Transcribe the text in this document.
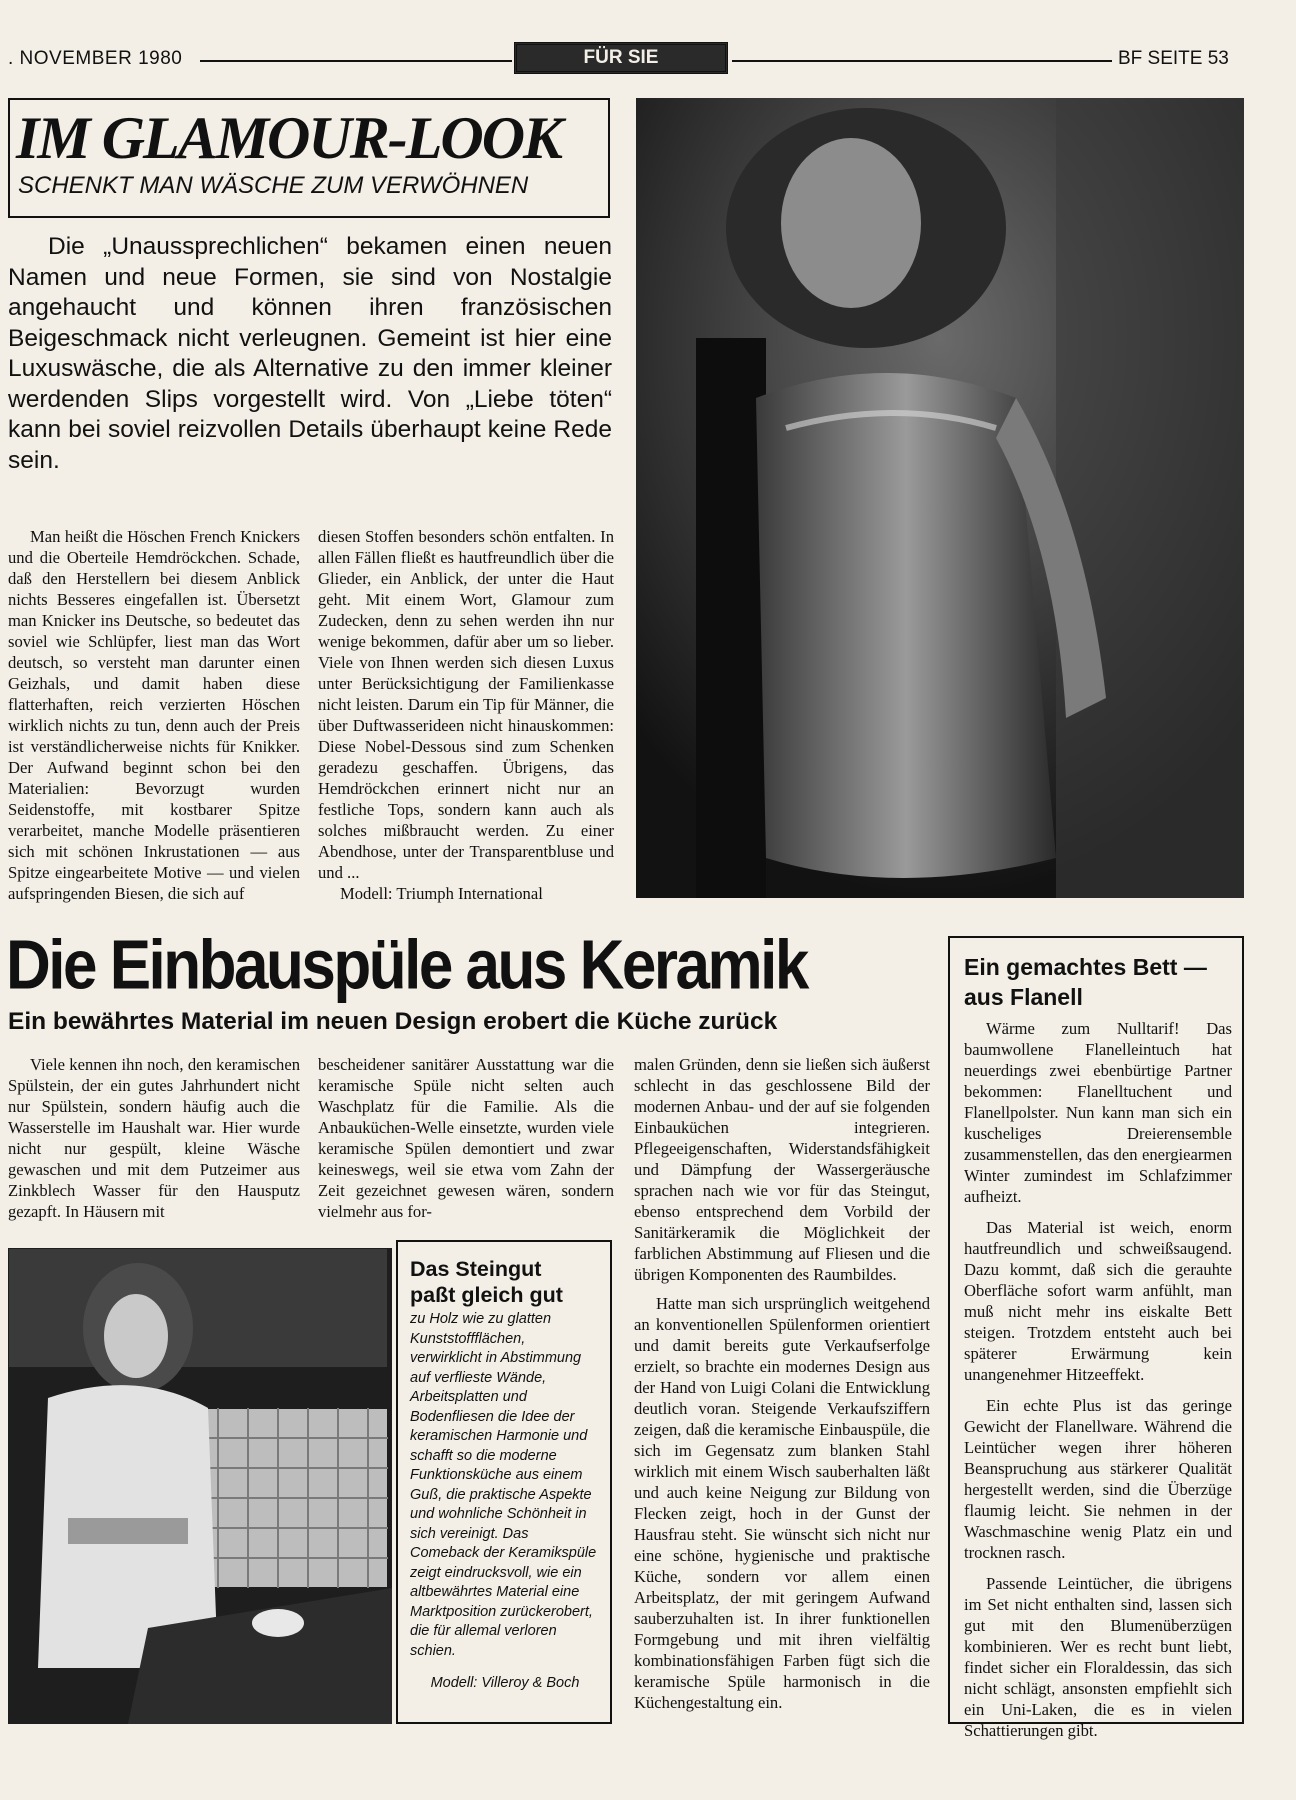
. NOVEMBER 1980	FÜR SIE	BF SEITE 53
IM GLAMOUR-LOOK
SCHENKT MAN WÄSCHE ZUM VERWÖHNEN
Die „Unaussprechlichen“ bekamen einen neuen Namen und neue Formen, sie sind von Nostalgie angehaucht und können ihren französischen Beigeschmack nicht verleugnen. Gemeint ist hier eine Luxuswäsche, die als Alternative zu den immer kleiner werdenden Slips vorgestellt wird. Von „Liebe töten“ kann bei soviel reizvollen Details überhaupt keine Rede sein.

Man heißt die Höschen French Knickers und die Oberteile Hemdröckchen. Schade, daß den Herstellern bei diesem Anblick nichts Besseres eingefallen ist. Übersetzt man Knicker ins Deutsche, so bedeutet das soviel wie Schlüpfer, liest man das Wort deutsch, so versteht man darunter einen Geizhals, und damit haben diese flatterhaften, reich verzierten Höschen wirklich nichts zu tun, denn auch der Preis ist verständlicherweise nichts für Knikker. Der Aufwand beginnt schon bei den Materialien: Bevorzugt wurden Seidenstoffe, mit kostbarer Spitze verarbeitet, manche Modelle präsentieren sich mit schönen Inkrustationen — aus Spitze eingearbeitete Motive — und vielen aufspringenden Biesen, die sich auf

diesen Stoffen besonders schön entfalten. In allen Fällen fließt es hautfreundlich über die Glieder, ein Anblick, der unter die Haut geht. Mit einem Wort, Glamour zum Zudecken, denn zu sehen werden ihn nur wenige bekommen, dafür aber um so lieber. Viele von Ihnen werden sich diesen Luxus unter Berücksichtigung der Familienkasse nicht leisten. Darum ein Tip für Männer, die über Duftwasserideen nicht hinauskommen: Diese Nobel-Dessous sind zum Schenken geradezu geschaffen. Übrigens, das Hemdröckchen erinnert nicht nur an festliche Tops, sondern kann auch als solches mißbraucht werden. Zu einer Abendhose, unter der Transparentbluse und und ...

Modell: Triumph International

Die Einbauspüle aus Keramik
Ein bewährtes Material im neuen Design erobert die Küche zurück

Viele kennen ihn noch, den keramischen Spülstein, der ein gutes Jahrhundert nicht nur Spülstein, sondern häufig auch die Wasserstelle im Haushalt war. Hier wurde nicht nur gespült, kleine Wäsche gewaschen und mit dem Putzeimer aus Zinkblech Wasser für den Hausputz gezapft. In Häusern mit

bescheidener sanitärer Ausstattung war die keramische Spüle nicht selten auch Waschplatz für die Familie. Als die Anbauküchen-Welle einsetzte, wurden viele keramische Spülen demontiert und zwar keineswegs, weil sie etwa vom Zahn der Zeit gezeichnet gewesen wären, sondern vielmehr aus for-

malen Gründen, denn sie ließen sich äußerst schlecht in das geschlossene Bild der modernen Anbau- und der auf sie folgenden Einbauküchen integrieren. Pflegeeigenschaften, Widerstandsfähigkeit und Dämpfung der Wassergeräusche sprachen nach wie vor für das Steingut, ebenso entsprechend dem Vorbild der Sanitärkeramik die Möglichkeit der farblichen Abstimmung auf Fliesen und die übrigen Komponenten des Raumbildes.

Hatte man sich ursprünglich weitgehend an konventionellen Spülenformen orientiert und damit bereits gute Verkaufserfolge erzielt, so brachte ein modernes Design aus der Hand von Luigi Colani die Entwicklung deutlich voran. Steigende Verkaufsziffern zeigen, daß die keramische Einbauspüle, die sich im Gegensatz zum blanken Stahl wirklich mit einem Wisch sauberhalten läßt und auch keine Neigung zur Bildung von Flecken zeigt, hoch in der Gunst der Hausfrau steht. Sie wünscht sich nicht nur eine schöne, hygienische und praktische Küche, sondern vor allem einen Arbeitsplatz, der mit geringem Aufwand sauberzuhalten ist. In ihrer funktionellen Formgebung und mit ihren vielfältig kombinationsfähigen Farben fügt sich die keramische Spüle harmonisch in die Küchengestaltung ein.

Das Steingut paßt gleich gut
zu Holz wie zu glatten Kunststoffflächen, verwirklicht in Abstimmung auf verflieste Wände, Arbeitsplatten und Bodenfliesen die Idee der keramischen Harmonie und schafft so die moderne Funktionsküche aus einem Guß, die praktische Aspekte und wohnliche Schönheit in sich vereinigt. Das Comeback der Keramikspüle zeigt eindrucksvoll, wie ein altbewährtes Material eine Marktposition zurückerobert, die für allemal verloren schien.
Modell: Villeroy & Boch
Ein gemachtes Bett — aus Flanell

Wärme zum Nulltarif! Das baumwollene Flanelleintuch hat neuerdings zwei ebenbürtige Partner bekommen: Flanelltuchent und Flanellpolster. Nun kann man sich ein kuscheliges Dreierensemble zusammenstellen, das den energiearmen Winter zumindest im Schlafzimmer aufheizt.

Das Material ist weich, enorm hautfreundlich und schweißsaugend. Dazu kommt, daß sich die gerauhte Oberfläche sofort warm anfühlt, man muß nicht mehr ins eiskalte Bett steigen. Trotzdem entsteht auch bei späterer Erwärmung kein unangenehmer Hitzeeffekt.

Ein echte Plus ist das geringe Gewicht der Flanellware. Während die Leintücher wegen ihrer höheren Beanspruchung aus stärkerer Qualität hergestellt werden, sind die Überzüge flaumig leicht. Sie nehmen in der Waschmaschine wenig Platz ein und trocknen rasch.

Passende Leintücher, die übrigens im Set nicht enthalten sind, lassen sich gut mit den Blumenüberzügen kombinieren. Wer es recht bunt liebt, findet sicher ein Floraldessin, das sich nicht schlägt, ansonsten empfiehlt sich ein Uni-Laken, die es in vielen Schattierungen gibt.
